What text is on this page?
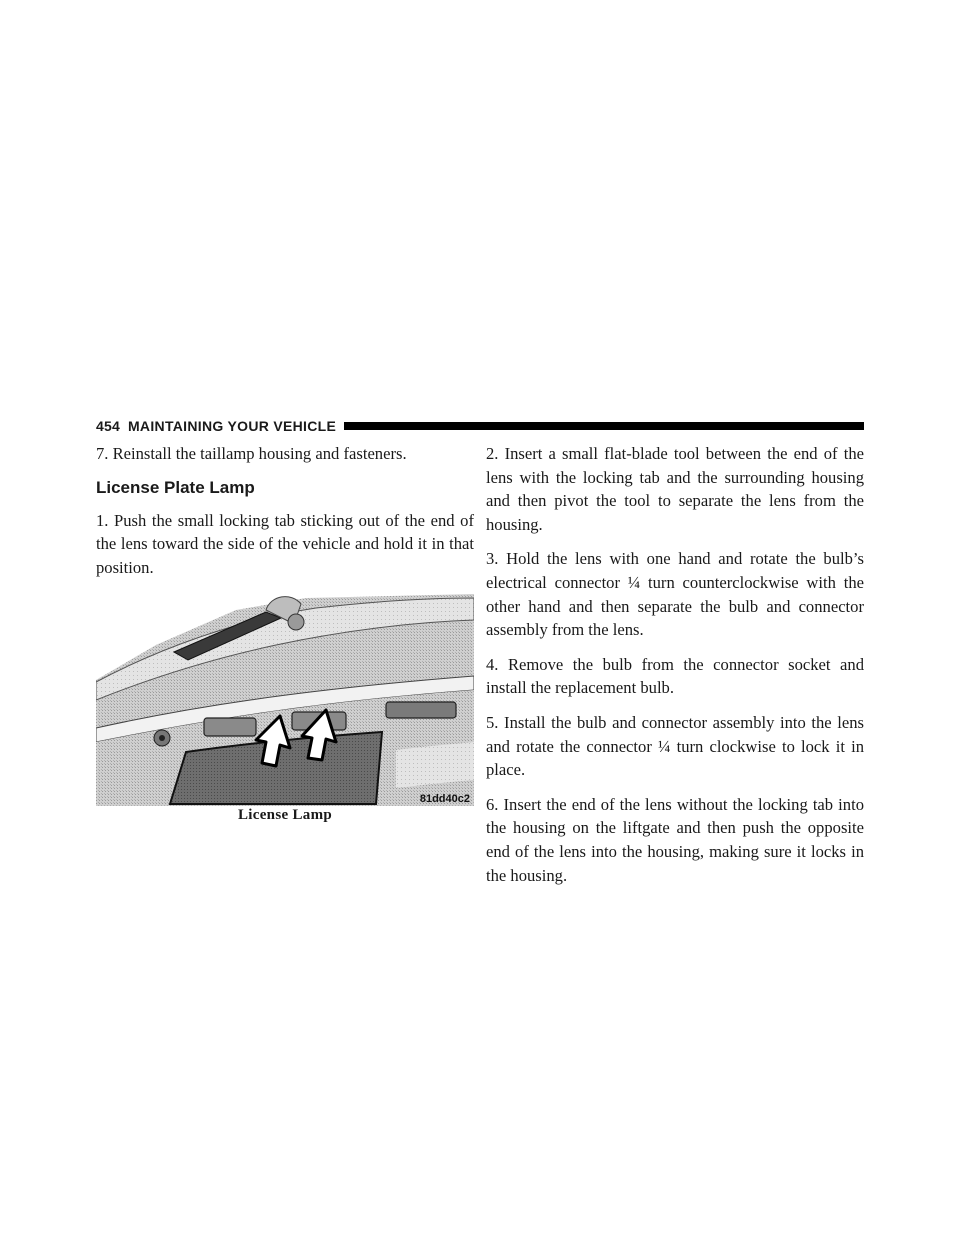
454 MAINTAINING YOUR VEHICLE

7. Reinstall the taillamp housing and fasteners.

License Plate Lamp

1. Push the small locking tab sticking out of the end of the lens toward the side of the vehicle and hold it in that position.

81dd40c2
License Lamp

2. Insert a small flat-blade tool between the end of the lens with the locking tab and the surrounding housing and then pivot the tool to separate the lens from the housing.

3. Hold the lens with one hand and rotate the bulb’s electrical connector ¼ turn counterclockwise with the other hand and then separate the bulb and connector assembly from the lens.

4. Remove the bulb from the connector socket and install the replacement bulb.

5. Install the bulb and connector assembly into the lens and rotate the connector ¼ turn clockwise to lock it in place.

6. Insert the end of the lens without the locking tab into the housing on the liftgate and then push the opposite end of the lens into the housing, making sure it locks in the housing.
